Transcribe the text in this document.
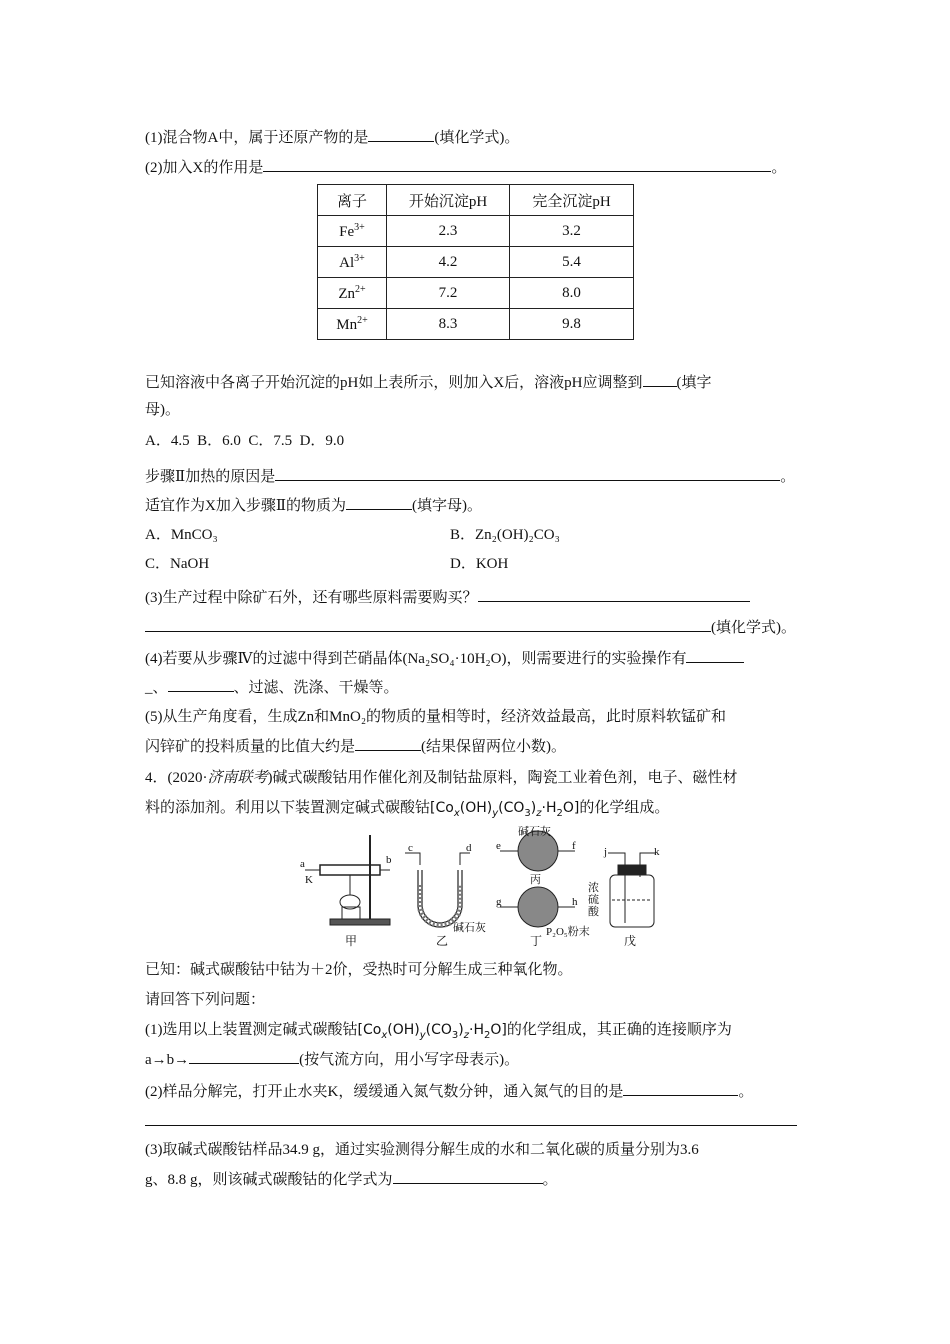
(1)混合物A中，属于还原产物的是	(填化学式)。
(2)加入X的作用是	。
离子	开始沉淀pH	完全沉淀pH
$Fe^{3+}$	2.3	3.2
$Al^{3+}$	4.2	5.4
$Zn^{2+}$	7.2	8.0
$Mn^{2+}$	8.3	9.8
已知溶液中各离子开始沉淀的pH如上表所示，则加入X后，溶液pH应调整到 (填字
母)。
A．4.5  B．6.0  C．7.5  D．9.0
步骤Ⅱ加热的原因是	。
适宜作为X加入步骤Ⅱ的物质为	(填字母)。
A．MnCO₃	B．Zn₂(OH)₂CO₃
C．NaOH	D．KOH
(3)生产过程中除矿石外，还有哪些原料需要购买？
(填化学式)。
(4)若要从步骤Ⅳ的过滤中得到芒硝晶体(Na₂SO₄·10H₂O)，则需要进行的实验操作有
_、	、过滤、洗涤、干燥等。
(5)从生产角度看，生成Zn和MnO₂的物质的量相等时，经济效益最高，此时原料软锰矿和
闪锌矿的投料质量的比值大约是	(结果保留两位小数)。
4．(2020·济南联考)碱式碳酸钴用作催化剂及制钴盐原料，陶瓷工业着色剂，电子、磁性材
料的添加剂。利用以下装置测定碱式碳酸钴$[Co_x(OH)_y(CO_3)_z\cdot H_2O]$的化学组成。
a
K
b
甲
c	d
碱石灰
乙
碱石灰
e	f
丙
g	h
P₂O₅粉末
丁
j	k
浓
硫
酸
戊
已知：碱式碳酸钴中钴为＋2价，受热时可分解生成三种氧化物。
请回答下列问题：
(1)选用以上装置测定碱式碳酸钴$[Co_x(OH)_y(CO_3)_z\cdot H_2O]$的化学组成，其正确的连接顺序为
a→b→	(按气流方向，用小写字母表示)。
(2)样品分解完，打开止水夹K，缓缓通入氮气数分钟，通入氮气的目的是	。
(3)取碱式碳酸钴样品34.9 g，通过实验测得分解生成的水和二氧化碳的质量分别为3.6
g、8.8 g，则该碱式碳酸钴的化学式为	。
